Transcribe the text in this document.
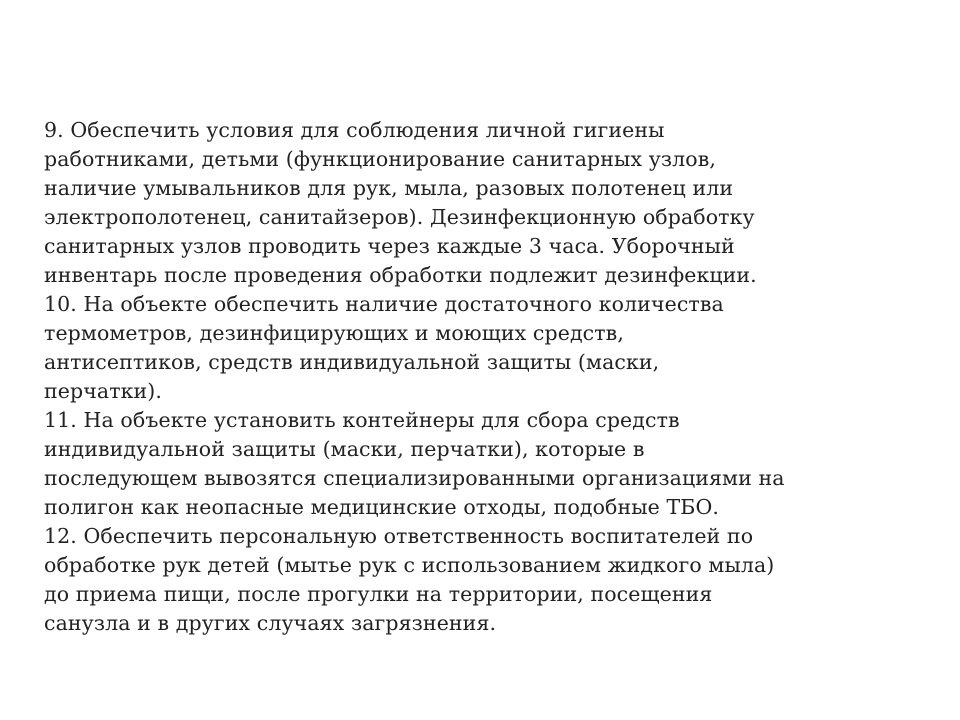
9. Обеспечить условия для соблюдения личной гигиены
работниками, детьми (функционирование санитарных узлов,
наличие умывальников для рук, мыла, разовых полотенец или
электрополотенец, санитайзеров). Дезинфекционную обработку
санитарных узлов проводить через каждые 3 часа. Уборочный
инвентарь после проведения обработки подлежит дезинфекции.
10. На объекте обеспечить наличие достаточного количества
термометров, дезинфицирующих и моющих средств,
антисептиков, средств индивидуальной защиты (маски,
перчатки).
11. На объекте установить контейнеры для сбора средств
индивидуальной защиты (маски, перчатки), которые в
последующем вывозятся специализированными организациями на
полигон как неопасные медицинские отходы, подобные ТБО.
12. Обеспечить персональную ответственность воспитателей по
обработке рук детей (мытье рук с использованием жидкого мыла)
до приема пищи, после прогулки на территории, посещения
санузла и в других случаях загрязнения.
